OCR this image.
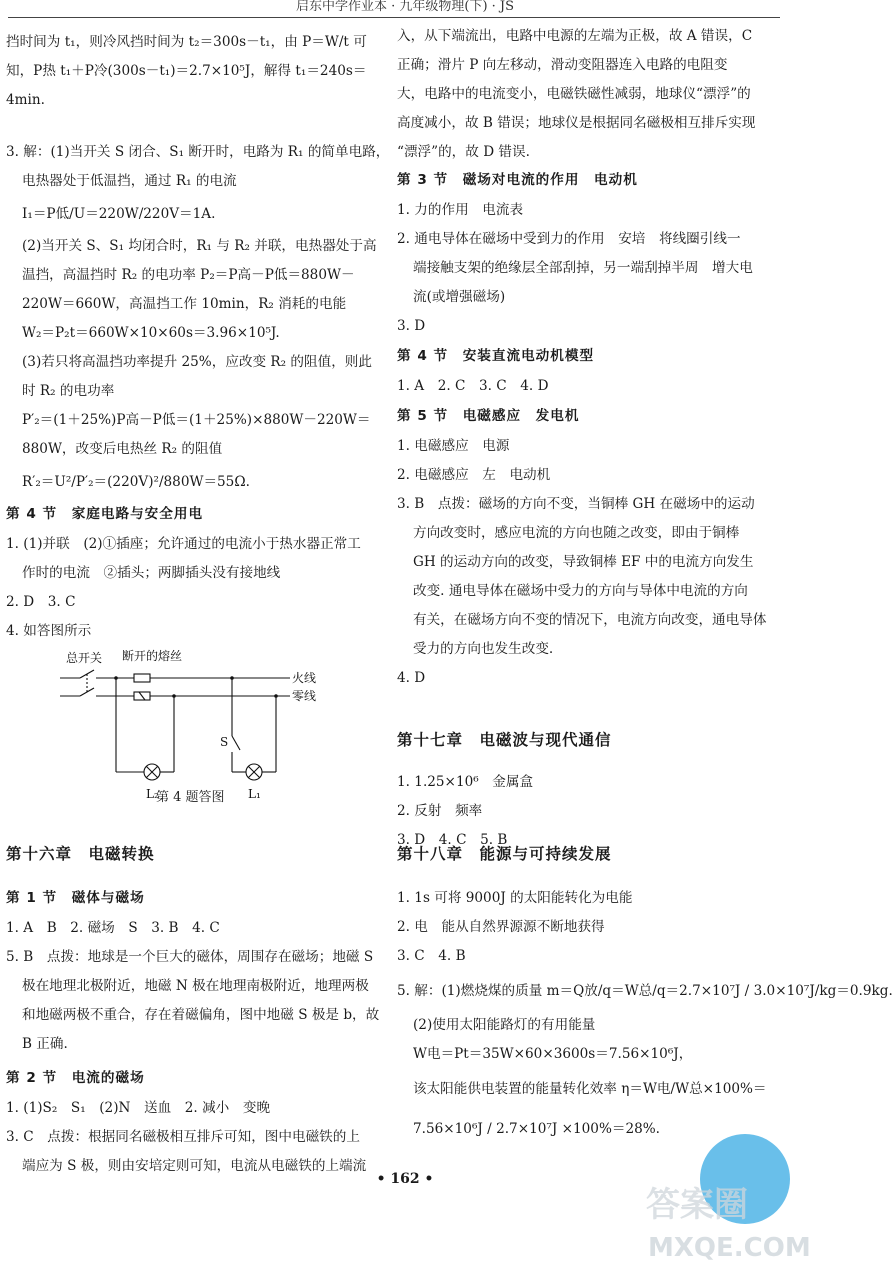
启东中学作业本 · 九年级物理(下) · JS
挡时间为 t₁，则冷风挡时间为 t₂＝300s－t₁，由 P＝W/t 可
知，P热 t₁＋P冷(300s－t₁)＝2.7×10⁵J，解得 t₁＝240s＝
4min.
3. 解：(1)当开关 S 闭合、S₁ 断开时，电路为 R₁ 的简单电路，
电热器处于低温挡，通过 R₁ 的电流
I₁＝P低/U＝220W/220V＝1A.
(2)当开关 S、S₁ 均闭合时，R₁ 与 R₂ 并联，电热器处于高
温挡，高温挡时 R₂ 的电功率 P₂＝P高－P低＝880W－
220W＝660W，高温挡工作 10min，R₂ 消耗的电能
W₂＝P₂t＝660W×10×60s＝3.96×10⁵J.
(3)若只将高温挡功率提升 25%，应改变 R₂ 的阻值，则此
时 R₂ 的电功率
P′₂＝(1＋25%)P高－P低＝(1＋25%)×880W－220W＝
880W，改变后电热丝 R₂ 的阻值
R′₂＝U²/P′₂＝(220V)²/880W＝55Ω.
第 4 节　家庭电路与安全用电
1. (1)并联　(2)①插座；允许通过的电流小于热水器正常工
作时的电流　②插头；两脚插头没有接地线
2. D　3. C
4. 如答图所示
总开关 断开的熔丝
火线
零线
S
L₁
L₂
第 4 题答图
第十六章　电磁转换
第 1 节　磁体与磁场
1. A　B　2. 磁场　S　3. B　4. C
5. B　点拨：地球是一个巨大的磁体，周围存在磁场；地磁 S
极在地理北极附近，地磁 N 极在地理南极附近，地理两极
和地磁两极不重合，存在着磁偏角，图中地磁 S 极是 b，故
B 正确.
第 2 节　电流的磁场
1. (1)S₂　S₁　(2)N　送血　2. 减小　变晚
3. C　点拨：根据同名磁极相互排斥可知，图中电磁铁的上
端应为 S 极，则由安培定则可知，电流从电磁铁的上端流
入，从下端流出，电路中电源的左端为正极，故 A 错误，C
正确；滑片 P 向左移动，滑动变阻器连入电路的电阻变
大，电路中的电流变小，电磁铁磁性减弱，地球仪“漂浮”的
高度减小，故 B 错误；地球仪是根据同名磁极相互排斥实现
“漂浮”的，故 D 错误.
第 3 节　磁场对电流的作用　电动机
1. 力的作用　电流表
2. 通电导体在磁场中受到力的作用　安培　将线圈引线一
端接触支架的绝缘层全部刮掉，另一端刮掉半周　增大电
流(或增强磁场)
3. D
第 4 节　安装直流电动机模型
1. A　2. C　3. C　4. D
第 5 节　电磁感应　发电机
1. 电磁感应　电源
2. 电磁感应　左　电动机
3. B　点拨：磁场的方向不变，当铜棒 GH 在磁场中的运动
方向改变时，感应电流的方向也随之改变，即由于铜棒
GH 的运动方向的改变，导致铜棒 EF 中的电流方向发生
改变. 通电导体在磁场中受力的方向与导体中电流的方向
有关，在磁场方向不变的情况下，电流方向改变，通电导体
受力的方向也发生改变.
4. D
第十七章　电磁波与现代通信
1. 1.25×10⁶　金属盒
2. 反射　频率
3. D　4. C　5. B
第十八章　能源与可持续发展
1. 1s 可将 9000J 的太阳能转化为电能
2. 电　能从自然界源源不断地获得
3. C　4. B
5. 解：(1)燃烧煤的质量 m＝Q放/q＝W总/q＝2.7×10⁷J / 3.0×10⁷J/kg＝0.9kg.
(2)使用太阳能路灯的有用能量
W电＝Pt＝35W×60×3600s＝7.56×10⁶J，
该太阳能供电装置的能量转化效率 η＝W电/W总×100%＝
7.56×10⁶J / 2.7×10⁷J ×100%＝28%.
• 162 •
答案圈
MXQE.COM
